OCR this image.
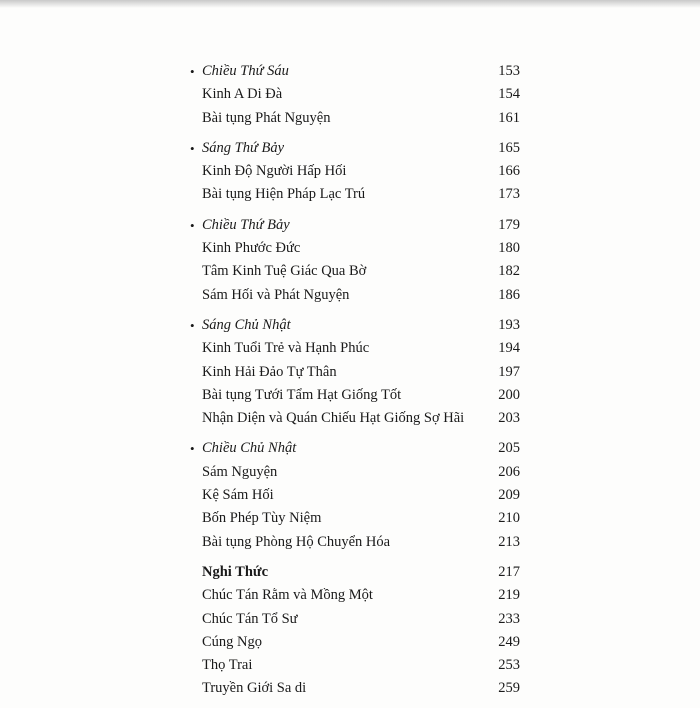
• Chiều Thứ Sáu	153
Kinh A Di Đà	154
Bài tụng Phát Nguyện	161
• Sáng Thứ Bảy	165
Kinh Độ Người Hấp Hối	166
Bài tụng Hiện Pháp Lạc Trú	173
• Chiều Thứ Bảy	179
Kinh Phước Đức	180
Tâm Kinh Tuệ Giác Qua Bờ	182
Sám Hối và Phát Nguyện	186
• Sáng Chủ Nhật	193
Kinh Tuổi Trẻ và Hạnh Phúc	194
Kinh Hải Đảo Tự Thân	197
Bài tụng Tưới Tẩm Hạt Giống Tốt	200
Nhận Diện và Quán Chiếu Hạt Giống Sợ Hãi 203
• Chiều Chủ Nhật	205
Sám Nguyện	206
Kệ Sám Hối	209
Bốn Phép Tùy Niệm	210
Bài tụng Phòng Hộ Chuyển Hóa	213
Nghi Thức	217
Chúc Tán Rằm và Mồng Một	219
Chúc Tán Tổ Sư	233
Cúng Ngọ	249
Thọ Trai	253
Truyền Giới Sa di	259
